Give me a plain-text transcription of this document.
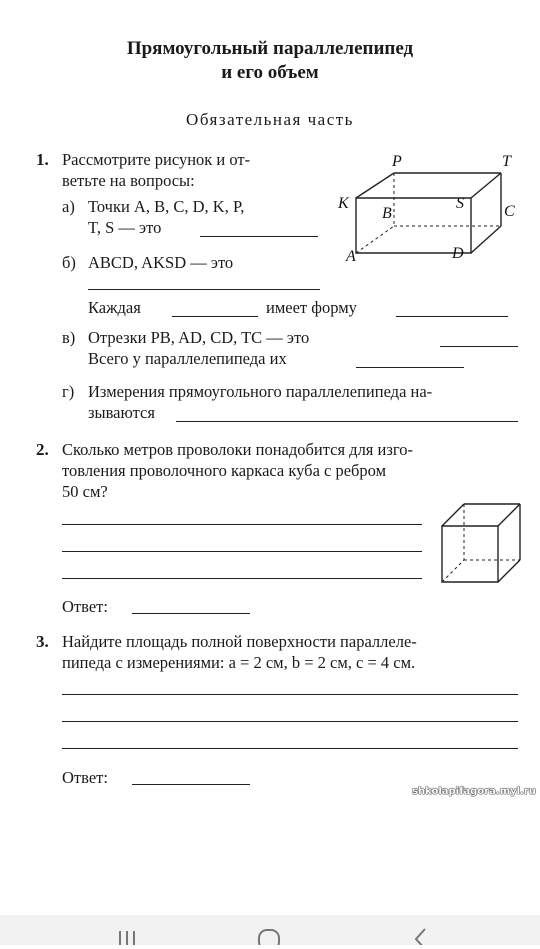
Прямоугольный параллелепипед
и его объем
Обязательная часть
1. Рассмотрите рисунок и от-
ветьте на вопросы:
а) Точки A, B, C, D, K, P,
T, S — это
б) ABCD, AKSD — это
Каждая	имеет форму
в) Отрезки PB, AD, CD, TC — это
Всего у параллелепипеда их
г) Измерения прямоугольного параллелепипеда на-
зываются
P	T
K
B
S	C
A	D
2. Сколько метров проволоки понадобится для изго-
товления проволочного каркаса куба с ребром
50 см?
Ответ:
3. Найдите площадь полной поверхности параллеле-
пипеда с измерениями: a = 2 см, b = 2 см, c = 4 см.
Ответ:
shkolapifagora.myl.ru
